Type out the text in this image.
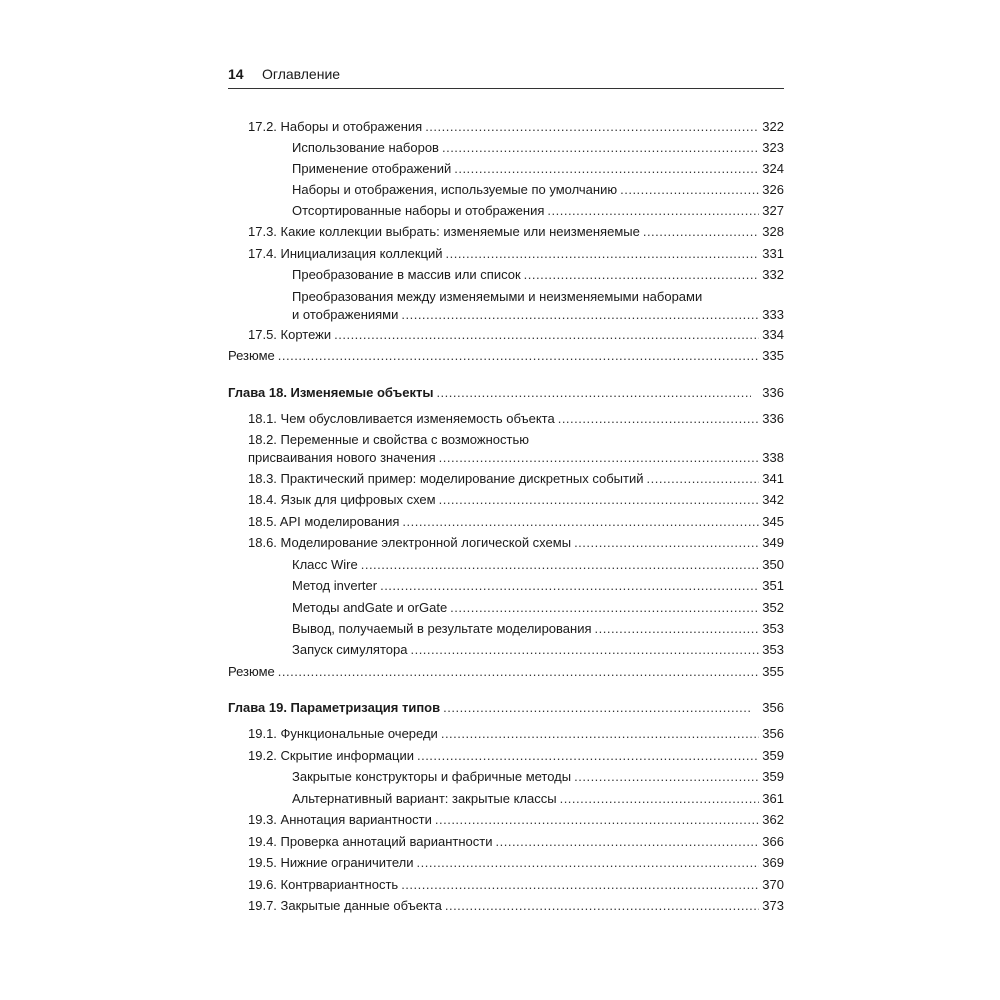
14	Оглавление
17.2. Наборы и отображения .....	322
Использование наборов .....	323
Применение отображений .....	324
Наборы и отображения, используемые по умолчанию .....	326
Отсортированные наборы и отображения .....	327
17.3. Какие коллекции выбрать: изменяемые или неизменяемые .....	328
17.4. Инициализация коллекций .....	331
Преобразование в массив или список .....	332
Преобразования между изменяемыми и неизменяемыми наборами
и отображениями .....	333
17.5. Кортежи .....	334
Резюме .....	335
Глава 18. Изменяемые объекты .....	336
18.1. Чем обусловливается изменяемость объекта .....	336
18.2. Переменные и свойства с возможностью
присваивания нового значения .....	338
18.3. Практический пример: моделирование дискретных событий .....	341
18.4. Язык для цифровых схем .....	342
18.5. API моделирования .....	345
18.6. Моделирование электронной логической схемы .....	349
Класс Wire .....	350
Метод inverter .....	351
Методы andGate и orGate .....	352
Вывод, получаемый в результате моделирования .....	353
Запуск симулятора .....	353
Резюме .....	355
Глава 19. Параметризация типов .....	356
19.1. Функциональные очереди .....	356
19.2. Скрытие информации .....	359
Закрытые конструкторы и фабричные методы .....	359
Альтернативный вариант: закрытые классы .....	361
19.3. Аннотация вариантности .....	362
19.4. Проверка аннотаций вариантности .....	366
19.5. Нижние ограничители .....	369
19.6. Контрвариантность .....	370
19.7. Закрытые данные объекта .....	373
